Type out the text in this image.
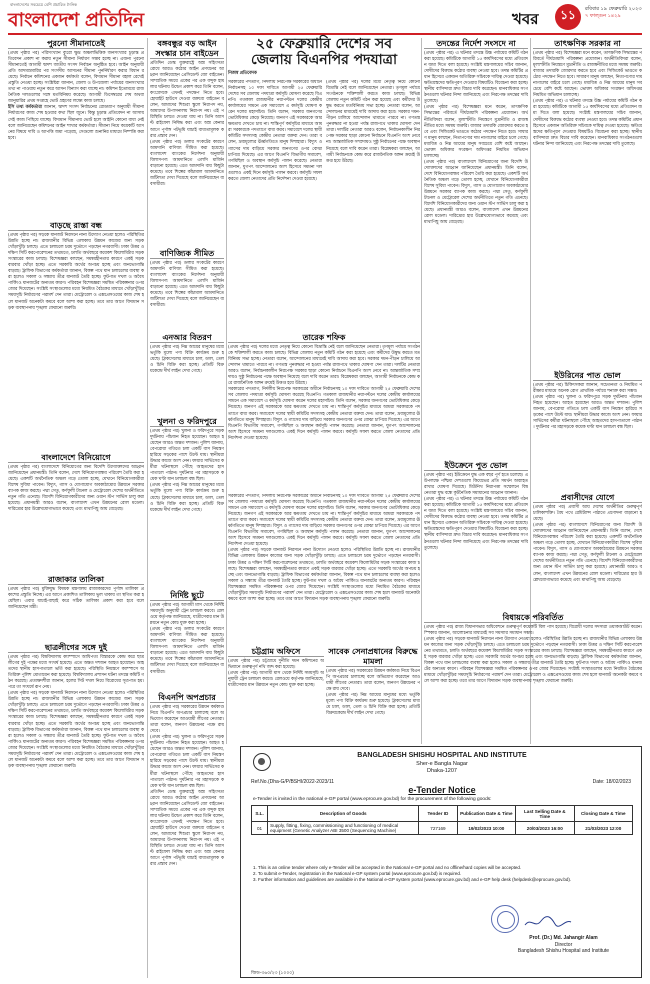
বাংলাদেশের সবচেয়ে বেশি প্রচারিত দৈনিক
বাংলাদেশ প্রতিদিন	খবর	১১	রবিবার ১৯ ফেব্রুয়ারি ২০২৩
৭ ফাল্গুন ১৪২৯
পুরনো সীমানাতেই

(প্রথম পৃষ্ঠার পর) পরিসংখ্যান ব্যুরো ক্ষুদ্র অঞ্চলভিত্তিক জনসংখ্যার চূড়ান্ত প্রতিবেদন প্রকাশ না করায় নতুন সীমানা নির্ধারণ সম্ভব হচ্ছে না। এজন্য পুরনো সীমানাতেই আগামী দ্বাদশ জাতীয় সংসদ নির্বাচন অনুষ্ঠিত হবে। আইন অনুযায়ী প্রতি আদমশুমারির পর সংসদীয় আসনের সীমানা পুনর্নির্ধারণ করার বিধান রয়েছে। নির্বাচন কমিশনের একজন কর্মকর্তা বলেন, বিদ্যমান সীমানা বহাল রেখেই প্রস্তুতি নেওয়া হচ্ছে। সংশ্লিষ্টরা জানান, জেলা ও উপজেলা পর্যায়ের জনসংখ্যার তথ্য না পাওয়ায় নতুন করে আসন বিন্যাস করা যাচ্ছে না। কমিশন ইতোমধ্যে রাজনৈতিক দলগুলোর সঙ্গে মতবিনিময় করেছে। আগামী ডিসেম্বরের শেষ অথবা জানুয়ারির প্রথম সপ্তাহে ভোট গ্রহণের লক্ষ্যে কাজ চলছে।

ইসি তথ্য কর্মকর্তারা জানান, দ্বাদশ সংসদ নির্বাচনের রোডম্যাপ অনুযায়ী সীমানা নির্ধারণের কাজ শেষ হওয়ার কথা ছিল জুনে। কিন্তু চূড়ান্ত প্রতিবেদন না আসায় সেই কাজ পিছিয়ে যাচ্ছে। বিদ্যমান সীমানায় ভোট হলে আইনি কোনো বাধা নেই বলে জানিয়েছেন কমিশনের আইন শাখার কর্মকর্তারা। সীমানা নিয়ে কয়েকটি আসনের বিষয়ে দাবি ও আপত্তি জমা পড়েছে, সেগুলো শুনানির মাধ্যমে নিষ্পত্তি করা হবে।

বাড়ছে রাস্তা বন্ধ

(প্রথম পৃষ্ঠার পর) সড়কে যানজট নিরসনে নানা উদ্যোগ নেওয়া হলেও পরিস্থিতির উন্নতি হচ্ছে না। রাজধানীর বিভিন্ন এলাকায় উন্নয়ন কাজের জন্য সড়ক খোঁড়াখুঁড়ি চলছে। এতে চলাচলে চরম দুর্ভোগে পড়ছেন নগরবাসী। ঢাকা উত্তর ও দক্ষিণ সিটি করপোরেশনের তথ্যমতে, চলতি অর্থবছরে কয়েকশ কিলোমিটার সড়ক সংস্কারের কাজ চলছে। বিশেষজ্ঞরা বলছেন, সমন্বয়হীনতার কারণে একই সড়ক বারবার খোঁড়া হচ্ছে। এতে সরকারি অর্থের অপচয় হচ্ছে এবং জনভোগান্তি বাড়ছে। ট্রাফিক বিভাগের কর্মকর্তারা জানান, বিকল্প পথে যান চলাচলের ব্যবস্থা করা হলেও সকাল ও সন্ধ্যায় তীব্র যানজট তৈরি হচ্ছে। ফুটপাত দখল ও অবৈধ পার্কিংও যানজটের অন্যতম কারণ। পরিবহন বিশেষজ্ঞরা সমন্বিত পরিকল্পনার ওপর জোর দিয়েছেন। সংশ্লিষ্ট সংস্থাগুলোর মধ্যে নিয়মিত বৈঠকের মাধ্যমে খোঁড়াখুঁড়ির সময়সূচি নির্ধারণের পরামর্শ দেন তারা। মেট্রোরেল ও এক্সপ্রেসওয়ের কাজ শেষ হলে যানজট অনেকটা কমবে বলে আশা করা হচ্ছে। তবে তার আগে বিদ্যমান সড়ক ব্যবস্থাপনায় শৃঙ্খলা ফেরানো জরুরি।

বাংলাদেশে বিনিয়োগে

(প্রথম পৃষ্ঠার পর) বাংলাদেশে বিনিয়োগের জন্য বিদেশি উদ্যোক্তাদের আহ্বান জানিয়েছেন প্রধানমন্ত্রী। তিনি বলেন, দেশে বিনিয়োগবান্ধব পরিবেশ তৈরি করা হয়েছে। একশটি অর্থনৈতিক অঞ্চল গড়ে তোলা হচ্ছে, যেখানে বিনিয়োগকারীরা বিশেষ সুবিধা পাবেন। বিদ্যুৎ, গ্যাস ও যোগাযোগ অবকাঠামোর উন্নয়নে সরকার ব্যাপক কাজ করছে। পদ্মা সেতু, কর্ণফুলী টানেল ও মেট্রোরেল দেশের অর্থনীতিতে নতুন গতি এনেছে। বিদেশি বিনিয়োগকারীদের জন্য ওয়ান স্টপ সার্ভিস চালু করা হয়েছে। প্রধানমন্ত্রী আরও বলেন, বাংলাদেশ এখন উন্নয়নের রোল মডেল। দারিদ্র্যের হার উল্লেখযোগ্যভাবে কমেছে এবং মাথাপিছু আয় বেড়েছে।

রাজাকার তালিকা

(প্রথম পৃষ্ঠার পর) মুক্তিযুদ্ধ বিষয়ক মন্ত্রণালয় রাজাকারদের পূর্ণাঙ্গ তালিকা প্রকাশের প্রস্তুতি নিচ্ছে। এর আগে প্রকাশিত তালিকায় ভুল থাকায় তা স্থগিত করা হয়েছিল। এবার যাচাই-বাছাই করে সঠিক তালিকা প্রকাশ করা হবে বলে জানিয়েছেন মন্ত্রী।

ছাত্রলীগের সঙ্গে দুই

(প্রথম পৃষ্ঠার পর) বিশ্ববিদ্যালয় ক্যাম্পাসে আধিপত্য বিস্তারকে কেন্দ্র করে ছাত্রলীগের দুই পক্ষের মধ্যে সংঘর্ষ হয়েছে। এতে অন্তত দশজন আহত হয়েছেন। আহতদের স্থানীয় হাসপাতালে ভর্তি করা হয়েছে। পরিস্থিতি নিয়ন্ত্রণে ক্যাম্পাসে অতিরিক্ত পুলিশ মোতায়েন করা হয়েছে। বিশ্ববিদ্যালয় প্রশাসন ঘটনা তদন্তে কমিটি গঠন করেছে। প্রত্যক্ষদর্শীরা জানান, হলের সিট দখল নিয়ে বিরোধের সূত্রপাত হয়। পরে তা সংঘর্ষে রূপ নেয়।

(প্রথম পৃষ্ঠার পর) সড়কে যানজট নিরসনে নানা উদ্যোগ নেওয়া হলেও পরিস্থিতির উন্নতি হচ্ছে না। রাজধানীর বিভিন্ন এলাকায় উন্নয়ন কাজের জন্য সড়ক খোঁড়াখুঁড়ি চলছে। এতে চলাচলে চরম দুর্ভোগে পড়ছেন নগরবাসী। ঢাকা উত্তর ও দক্ষিণ সিটি করপোরেশনের তথ্যমতে, চলতি অর্থবছরে কয়েকশ কিলোমিটার সড়ক সংস্কারের কাজ চলছে। বিশেষজ্ঞরা বলছেন, সমন্বয়হীনতার কারণে একই সড়ক বারবার খোঁড়া হচ্ছে। এতে সরকারি অর্থের অপচয় হচ্ছে এবং জনভোগান্তি বাড়ছে। ট্রাফিক বিভাগের কর্মকর্তারা জানান, বিকল্প পথে যান চলাচলের ব্যবস্থা করা হলেও সকাল ও সন্ধ্যায় তীব্র যানজট তৈরি হচ্ছে। ফুটপাত দখল ও অবৈধ পার্কিংও যানজটের অন্যতম কারণ। পরিবহন বিশেষজ্ঞরা সমন্বিত পরিকল্পনার ওপর জোর দিয়েছেন। সংশ্লিষ্ট সংস্থাগুলোর মধ্যে নিয়মিত বৈঠকের মাধ্যমে খোঁড়াখুঁড়ির সময়সূচি নির্ধারণের পরামর্শ দেন তারা। মেট্রোরেল ও এক্সপ্রেসওয়ের কাজ শেষ হলে যানজট অনেকটা কমবে বলে আশা করা হচ্ছে। তবে তার আগে বিদ্যমান সড়ক ব্যবস্থাপনায় শৃঙ্খলা ফেরানো জরুরি।

বঙ্গবন্ধুর বড় আইন সংস্কার চান বাইডেন

প্রতিদিন ডেস্ক যুক্তরাষ্ট্রে অস্ত্র সহিংসতা রোধে আরও কঠোর আইন প্রণয়নের আহ্বান জানিয়েছেন প্রেসিডেন্ট জো বাইডেন। সাম্প্রতিক সময়ে একের পর এক বন্দুক হামলার ঘটনায় উদ্বেগ প্রকাশ করে তিনি বলেন, কংগ্রেসকে এখনই পদক্ষেপ নিতে হবে। হোয়াইট হাউসে দেওয়া বক্তব্যে বাইডেন বলেন, আমাদের শিশুরা স্কুলে নিরাপদ নয়, আমাদের উপাসনালয় নিরাপদ নয়। এই পরিস্থিতি চলতে দেওয়া যায় না। তিনি অ্যাসল্ট রাইফেল নিষিদ্ধ করা এবং অস্ত্র কেনার আগে পূর্ণাঙ্গ পটভূমি যাচাই বাধ্যতামূলক করার প্রস্তাব দেন।

(প্রথম পৃষ্ঠার পর) ডলার সংকটের কারণে আমদানি বাণিজ্য সীমিত করা হয়েছে। বাংলাদেশ ব্যাংকের নির্দেশনা অনুযায়ী বিলাসপণ্য আমদানিতে এলসি মার্জিন বাড়ানো হয়েছে। এতে আমদানি ব্যয় কিছুটা কমেছে। তবে শিল্পের কাঁচামাল আমদানিতে জটিলতা দেখা দিয়েছে বলে জানিয়েছেন ব্যবসায়ীরা।

বাণিজ্যিক সীমিত

(প্রথম পৃষ্ঠার পর) ডলার সংকটের কারণে আমদানি বাণিজ্য সীমিত করা হয়েছে। বাংলাদেশ ব্যাংকের নির্দেশনা অনুযায়ী বিলাসপণ্য আমদানিতে এলসি মার্জিন বাড়ানো হয়েছে। এতে আমদানি ব্যয় কিছুটা কমেছে। তবে শিল্পের কাঁচামাল আমদানিতে জটিলতা দেখা দিয়েছে বলে জানিয়েছেন ব্যবসায়ীরা।

এনআর বিতরণ

(প্রথম পৃষ্ঠার পর) নিম্ন আয়ের মানুষের মধ্যে ভর্তুকি মূল্যে পণ্য বিক্রি কার্যক্রম শুরু হয়েছে। ট্রাকসেলের মাধ্যমে চাল, ডাল, তেল ও চিনি বিক্রি করা হচ্ছে। প্রতিটি বিক্রয়কেন্দ্রে দীর্ঘ লাইন দেখা গেছে।

খুলনা ও ফরিদপুরে

(প্রথম পৃষ্ঠার পর) খুলনা ও ফরিদপুরে সড়ক দুর্ঘটনায় পাঁচজন নিহত হয়েছেন। আহত হয়েছেন আরও অন্তত দশজন। পুলিশ জানায়, বেপরোয়া গতিতে চলা একটি বাস নিয়ন্ত্রণ হারিয়ে সড়কের পাশে উল্টে যায়। স্থানীয়রা উদ্ধার কাজে অংশ নেন। ফায়ার সার্ভিসের কর্মীরা ঘটনাস্থলে পৌঁছে আহতদের হাসপাতালে পাঠান। দুর্ঘটনার পর মহাসড়কে কয়েক ঘণ্টা যান চলাচল বন্ধ ছিল।

(প্রথম পৃষ্ঠার পর) নিম্ন আয়ের মানুষের মধ্যে ভর্তুকি মূল্যে পণ্য বিক্রি কার্যক্রম শুরু হয়েছে। ট্রাকসেলের মাধ্যমে চাল, ডাল, তেল ও চিনি বিক্রি করা হচ্ছে। প্রতিটি বিক্রয়কেন্দ্রে দীর্ঘ লাইন দেখা গেছে।

নির্দিষ্ট ছুটে

(প্রথম পৃষ্ঠার পর) আগামী মাস থেকে নির্দিষ্ট সময়সূচি অনুযায়ী ট্রেন চলাচল করবে। রেলওয়ে কর্তৃপক্ষ জানিয়েছে, যাত্রীসেবার মান উন্নয়নে নতুন কোচ যুক্ত করা হচ্ছে।

(প্রথম পৃষ্ঠার পর) ডলার সংকটের কারণে আমদানি বাণিজ্য সীমিত করা হয়েছে। বাংলাদেশ ব্যাংকের নির্দেশনা অনুযায়ী বিলাসপণ্য আমদানিতে এলসি মার্জিন বাড়ানো হয়েছে। এতে আমদানি ব্যয় কিছুটা কমেছে। তবে শিল্পের কাঁচামাল আমদানিতে জটিলতা দেখা দিয়েছে বলে জানিয়েছেন ব্যবসায়ীরা।

বিএনপি অপপ্রচার

(প্রথম পৃষ্ঠার পর) সরকারের উন্নয়ন কর্মকাণ্ড নিয়ে বিএনপি অপপ্রচার চালাচ্ছে বলে অভিযোগ করেছেন আওয়ামী লীগের নেতারা। তারা বলেন, জনগণ উন্নয়নের পক্ষে রায় দেবে।

(প্রথম পৃষ্ঠার পর) খুলনা ও ফরিদপুরে সড়ক দুর্ঘটনায় পাঁচজন নিহত হয়েছেন। আহত হয়েছেন আরও অন্তত দশজন। পুলিশ জানায়, বেপরোয়া গতিতে চলা একটি বাস নিয়ন্ত্রণ হারিয়ে সড়কের পাশে উল্টে যায়। স্থানীয়রা উদ্ধার কাজে অংশ নেন। ফায়ার সার্ভিসের কর্মীরা ঘটনাস্থলে পৌঁছে আহতদের হাসপাতালে পাঠান। দুর্ঘটনার পর মহাসড়কে কয়েক ঘণ্টা যান চলাচল বন্ধ ছিল।

প্রতিদিন ডেস্ক যুক্তরাষ্ট্রে অস্ত্র সহিংসতা রোধে আরও কঠোর আইন প্রণয়নের আহ্বান জানিয়েছেন প্রেসিডেন্ট জো বাইডেন। সাম্প্রতিক সময়ে একের পর এক বন্দুক হামলার ঘটনায় উদ্বেগ প্রকাশ করে তিনি বলেন, কংগ্রেসকে এখনই পদক্ষেপ নিতে হবে। হোয়াইট হাউসে দেওয়া বক্তব্যে বাইডেন বলেন, আমাদের শিশুরা স্কুলে নিরাপদ নয়, আমাদের উপাসনালয় নিরাপদ নয়। এই পরিস্থিতি চলতে দেওয়া যায় না। তিনি অ্যাসল্ট রাইফেল নিষিদ্ধ করা এবং অস্ত্র কেনার আগে পূর্ণাঙ্গ পটভূমি যাচাই বাধ্যতামূলক করার প্রস্তাব দেন।

২৫ ফেব্রুয়ারি দেশের সব
জেলায় বিএনপির পদযাত্রা
নিজস্ব প্রতিবেদক

সরকারের পদত্যাগ, নির্দলীয় নিরপেক্ষ সরকারের অধীনে নির্বাচনসহ ১০ দফা দাবিতে আগামী ২৫ ফেব্রুয়ারি দেশের সব জেলায় পদযাত্রা কর্মসূচি ঘোষণা করেছে বিএনপি। গতকাল রাজধানীর নয়াপল্টনে দলের কেন্দ্রীয় কার্যালয়ের সামনে এক সমাবেশে এ কর্মসূচি ঘোষণা করেন দলের মহাসচিব। তিনি বলেন, সরকার জনগণের ভোটাধিকার কেড়ে নিয়েছে। জনগণ এই সরকারকে আর ক্ষমতায় দেখতে চায় না। শান্তিপূর্ণ কর্মসূচির মাধ্যমে আমরা সরকারকে পদত্যাগে বাধ্য করব। সমাবেশে দলের স্থায়ী কমিটির সদস্যসহ কেন্দ্রীয় নেতারা বক্তব্য দেন। তারা বলেন, দ্রব্যমূল্যের ঊর্ধ্বগতিতে মানুষ দিশাহারা। বিদ্যুৎ ও গ্যাসের দাম বাড়িয়ে সরকার জনগণের ওপর বোঝা চাপিয়ে দিয়েছে। এর আগে বিএনপি বিভাগীয় সমাবেশ, গণমিছিল ও অবস্থান কর্মসূচি পালন করেছে। নেতারা জানান, যুগপৎ আন্দোলনের অংশ হিসেবে সমমনা দলগুলোও একই দিনে কর্মসূচি পালন করবে। কর্মসূচি সফল করতে জেলা নেতাদের প্রতি নির্দেশনা দেওয়া হয়েছে।

(প্রথম পৃষ্ঠার পর) দলের মধ্যে নেতৃত্ব নিয়ে কোনো বিভ্রান্তি নেই বলে জানিয়েছেন নেতারা। তৃণমূল পর্যায়ে সংগঠনকে শক্তিশালী করতে কাজ চলছে। বিভিন্ন জেলায় নতুন কমিটি গঠন করা হয়েছে এবং কর্মীদের উদ্বুদ্ধ করতে মতবিনিময় সভা হচ্ছে। নেতারা বলেন, আন্দোলনের মাধ্যমেই দাবি আদায় করা হবে। সরকার দমন-পীড়ন চালিয়ে আন্দোলন থামাতে পারবে না। গণতন্ত্র পুনরুদ্ধার না হওয়া পর্যন্ত রাজপথে থাকার ঘোষণা দেন তারা। দলটির নেতারা আরও বলেন, নির্বাচনকালীন নিরপেক্ষ সরকার ছাড়া কোনো নির্বাচনে বিএনপি অংশ নেবে না। আন্তর্জাতিক সম্প্রদায়ও সুষ্ঠু নির্বাচনের পক্ষে অবস্থান নিয়েছে বলে দাবি করেন তারা। বিশ্লেষকরা বলছেন, আগামী নির্বাচনকে কেন্দ্র করে রাজনৈতিক অঙ্গন ক্রমেই উত্তপ্ত হয়ে উঠছে।

তারেক শফিক

(প্রথম পৃষ্ঠার পর) দলের মধ্যে নেতৃত্ব নিয়ে কোনো বিভ্রান্তি নেই বলে জানিয়েছেন নেতারা। তৃণমূল পর্যায়ে সংগঠনকে শক্তিশালী করতে কাজ চলছে। বিভিন্ন জেলায় নতুন কমিটি গঠন করা হয়েছে এবং কর্মীদের উদ্বুদ্ধ করতে মতবিনিময় সভা হচ্ছে। নেতারা বলেন, আন্দোলনের মাধ্যমেই দাবি আদায় করা হবে। সরকার দমন-পীড়ন চালিয়ে আন্দোলন থামাতে পারবে না। গণতন্ত্র পুনরুদ্ধার না হওয়া পর্যন্ত রাজপথে থাকার ঘোষণা দেন তারা। দলটির নেতারা আরও বলেন, নির্বাচনকালীন নিরপেক্ষ সরকার ছাড়া কোনো নির্বাচনে বিএনপি অংশ নেবে না। আন্তর্জাতিক সম্প্রদায়ও সুষ্ঠু নির্বাচনের পক্ষে অবস্থান নিয়েছে বলে দাবি করেন তারা। বিশ্লেষকরা বলছেন, আগামী নির্বাচনকে কেন্দ্র করে রাজনৈতিক অঙ্গন ক্রমেই উত্তপ্ত হয়ে উঠছে।

সরকারের পদত্যাগ, নির্দলীয় নিরপেক্ষ সরকারের অধীনে নির্বাচনসহ ১০ দফা দাবিতে আগামী ২৫ ফেব্রুয়ারি দেশের সব জেলায় পদযাত্রা কর্মসূচি ঘোষণা করেছে বিএনপি। গতকাল রাজধানীর নয়াপল্টনে দলের কেন্দ্রীয় কার্যালয়ের সামনে এক সমাবেশে এ কর্মসূচি ঘোষণা করেন দলের মহাসচিব। তিনি বলেন, সরকার জনগণের ভোটাধিকার কেড়ে নিয়েছে। জনগণ এই সরকারকে আর ক্ষমতায় দেখতে চায় না। শান্তিপূর্ণ কর্মসূচির মাধ্যমে আমরা সরকারকে পদত্যাগে বাধ্য করব। সমাবেশে দলের স্থায়ী কমিটির সদস্যসহ কেন্দ্রীয় নেতারা বক্তব্য দেন। তারা বলেন, দ্রব্যমূল্যের ঊর্ধ্বগতিতে মানুষ দিশাহারা। বিদ্যুৎ ও গ্যাসের দাম বাড়িয়ে সরকার জনগণের ওপর বোঝা চাপিয়ে দিয়েছে। এর আগে বিএনপি বিভাগীয় সমাবেশ, গণমিছিল ও অবস্থান কর্মসূচি পালন করেছে। নেতারা জানান, যুগপৎ আন্দোলনের অংশ হিসেবে সমমনা দলগুলোও একই দিনে কর্মসূচি পালন করবে। কর্মসূচি সফল করতে জেলা নেতাদের প্রতি নির্দেশনা দেওয়া হয়েছে।

সরকারের পদত্যাগ, নির্দলীয় নিরপেক্ষ সরকারের অধীনে নির্বাচনসহ ১০ দফা দাবিতে আগামী ২৫ ফেব্রুয়ারি দেশের সব জেলায় পদযাত্রা কর্মসূচি ঘোষণা করেছে বিএনপি। গতকাল রাজধানীর নয়াপল্টনে দলের কেন্দ্রীয় কার্যালয়ের সামনে এক সমাবেশে এ কর্মসূচি ঘোষণা করেন দলের মহাসচিব। তিনি বলেন, সরকার জনগণের ভোটাধিকার কেড়ে নিয়েছে। জনগণ এই সরকারকে আর ক্ষমতায় দেখতে চায় না। শান্তিপূর্ণ কর্মসূচির মাধ্যমে আমরা সরকারকে পদত্যাগে বাধ্য করব। সমাবেশে দলের স্থায়ী কমিটির সদস্যসহ কেন্দ্রীয় নেতারা বক্তব্য দেন। তারা বলেন, দ্রব্যমূল্যের ঊর্ধ্বগতিতে মানুষ দিশাহারা। বিদ্যুৎ ও গ্যাসের দাম বাড়িয়ে সরকার জনগণের ওপর বোঝা চাপিয়ে দিয়েছে। এর আগে বিএনপি বিভাগীয় সমাবেশ, গণমিছিল ও অবস্থান কর্মসূচি পালন করেছে। নেতারা জানান, যুগপৎ আন্দোলনের অংশ হিসেবে সমমনা দলগুলোও একই দিনে কর্মসূচি পালন করবে। কর্মসূচি সফল করতে জেলা নেতাদের প্রতি নির্দেশনা দেওয়া হয়েছে।

(প্রথম পৃষ্ঠার পর) সড়কে যানজট নিরসনে নানা উদ্যোগ নেওয়া হলেও পরিস্থিতির উন্নতি হচ্ছে না। রাজধানীর বিভিন্ন এলাকায় উন্নয়ন কাজের জন্য সড়ক খোঁড়াখুঁড়ি চলছে। এতে চলাচলে চরম দুর্ভোগে পড়ছেন নগরবাসী। ঢাকা উত্তর ও দক্ষিণ সিটি করপোরেশনের তথ্যমতে, চলতি অর্থবছরে কয়েকশ কিলোমিটার সড়ক সংস্কারের কাজ চলছে। বিশেষজ্ঞরা বলছেন, সমন্বয়হীনতার কারণে একই সড়ক বারবার খোঁড়া হচ্ছে। এতে সরকারি অর্থের অপচয় হচ্ছে এবং জনভোগান্তি বাড়ছে। ট্রাফিক বিভাগের কর্মকর্তারা জানান, বিকল্প পথে যান চলাচলের ব্যবস্থা করা হলেও সকাল ও সন্ধ্যায় তীব্র যানজট তৈরি হচ্ছে। ফুটপাত দখল ও অবৈধ পার্কিংও যানজটের অন্যতম কারণ। পরিবহন বিশেষজ্ঞরা সমন্বিত পরিকল্পনার ওপর জোর দিয়েছেন। সংশ্লিষ্ট সংস্থাগুলোর মধ্যে নিয়মিত বৈঠকের মাধ্যমে খোঁড়াখুঁড়ির সময়সূচি নির্ধারণের পরামর্শ দেন তারা। মেট্রোরেল ও এক্সপ্রেসওয়ের কাজ শেষ হলে যানজট অনেকটা কমবে বলে আশা করা হচ্ছে। তবে তার আগে বিদ্যমান সড়ক ব্যবস্থাপনায় শৃঙ্খলা ফেরানো জরুরি।

চট্টগ্রাম অফিসে

(প্রথম পৃষ্ঠার পর) চট্টগ্রামে দুর্নীতি দমন কমিশনের অভিযানে গুরুত্বপূর্ণ নথি জব্দ করা হয়েছে।

(প্রথম পৃষ্ঠার পর) আগামী মাস থেকে নির্দিষ্ট সময়সূচি অনুযায়ী ট্রেন চলাচল করবে। রেলওয়ে কর্তৃপক্ষ জানিয়েছে, যাত্রীসেবার মান উন্নয়নে নতুন কোচ যুক্ত করা হচ্ছে।

সাবেক সেনাপ্রধানের বিরুদ্ধে মামলা

(প্রথম পৃষ্ঠার পর) সরকারের উন্নয়ন কর্মকাণ্ড নিয়ে বিএনপি অপপ্রচার চালাচ্ছে বলে অভিযোগ করেছেন আওয়ামী লীগের নেতারা। তারা বলেন, জনগণ উন্নয়নের পক্ষে রায় দেবে।

(প্রথম পৃষ্ঠার পর) নিম্ন আয়ের মানুষের মধ্যে ভর্তুকি মূল্যে পণ্য বিক্রি কার্যক্রম শুরু হয়েছে। ট্রাকসেলের মাধ্যমে চাল, ডাল, তেল ও চিনি বিক্রি করা হচ্ছে। প্রতিটি বিক্রয়কেন্দ্রে দীর্ঘ লাইন দেখা গেছে।

তদন্তের নির্দেশ সংসদে না

(প্রথম পৃষ্ঠার পর) এ ঘটনার তদন্তে উচ্চ পর্যায়ের কমিটি গঠন করা হয়েছে। কমিটিকে আগামী ১৫ কার্যদিবসের মধ্যে প্রতিবেদন জমা দিতে বলা হয়েছে। সংশ্লিষ্ট মন্ত্রণালয়ের সচিব জানান, দোষীদের বিরুদ্ধে কঠোর ব্যবস্থা নেওয়া হবে। তদন্ত কমিটির প্রধান হিসেবে একজন অতিরিক্ত সচিবকে দায়িত্ব দেওয়া হয়েছে। ক্ষতিগ্রস্তদের ক্ষতিপূরণ দেওয়ার বিষয়টিও বিবেচনা করা হচ্ছে। স্থানীয় বাসিন্দারা দ্রুত বিচার দাবি করেছেন। মানবাধিকার সংগঠনগুলো ঘটনার নিন্দা জানিয়েছে এবং নিরপেক্ষ তদন্তের দাবি তুলেছে।

(প্রথম পৃষ্ঠার পর) বিশেষজ্ঞরা মনে করেন, তাৎক্ষণিক সিদ্ধান্তের পরিবর্তে দীর্ঘমেয়াদি পরিকল্পনা প্রয়োজন। অর্থনীতিবিদরা বলেন, মূল্যস্ফীতি নিয়ন্ত্রণে মুদ্রানীতি ও রাজস্বনীতির মধ্যে সমন্বয় জরুরি। বাজার তদারকি জোরদার করতে হবে এবং সিন্ডিকেট ভাঙতে কঠোর পদক্ষেপ নিতে হবে। সাধারণ মানুষ বলছেন, নিত্যপণ্যের দাম নাগালের বাইরে চলে গেছে। মধ্যবিত্ত ও নিম্ন আয়ের মানুষ সবচেয়ে বেশি কষ্টে আছেন। ভোক্তা অধিকার সংরক্ষণ অধিদপ্তর নিয়মিত অভিযান চালাচ্ছে।

(প্রথম পৃষ্ঠার পর) বাংলাদেশে বিনিয়োগের জন্য বিদেশি উদ্যোক্তাদের আহ্বান জানিয়েছেন প্রধানমন্ত্রী। তিনি বলেন, দেশে বিনিয়োগবান্ধব পরিবেশ তৈরি করা হয়েছে। একশটি অর্থনৈতিক অঞ্চল গড়ে তোলা হচ্ছে, যেখানে বিনিয়োগকারীরা বিশেষ সুবিধা পাবেন। বিদ্যুৎ, গ্যাস ও যোগাযোগ অবকাঠামোর উন্নয়নে সরকার ব্যাপক কাজ করছে। পদ্মা সেতু, কর্ণফুলী টানেল ও মেট্রোরেল দেশের অর্থনীতিতে নতুন গতি এনেছে। বিদেশি বিনিয়োগকারীদের জন্য ওয়ান স্টপ সার্ভিস চালু করা হয়েছে। প্রধানমন্ত্রী আরও বলেন, বাংলাদেশ এখন উন্নয়নের রোল মডেল। দারিদ্র্যের হার উল্লেখযোগ্যভাবে কমেছে এবং মাথাপিছু আয় বেড়েছে।

ইউক্রেনে পুত ভোল

(প্রথম পৃষ্ঠার পর) ইউক্রেনে যুদ্ধ এক বছর পূর্ণ হতে চলেছে। এ উপলক্ষে পশ্চিমা দেশগুলো কিয়েভের প্রতি সমর্থন অব্যাহত রাখার ঘোষণা দিয়েছে। মিউনিখ নিরাপত্তা সম্মেলনে বিশ্বনেতারা যুদ্ধ বন্ধে কূটনৈতিক সমাধানের আহ্বান জানান।

(প্রথম পৃষ্ঠার পর) এ ঘটনার তদন্তে উচ্চ পর্যায়ের কমিটি গঠন করা হয়েছে। কমিটিকে আগামী ১৫ কার্যদিবসের মধ্যে প্রতিবেদন জমা দিতে বলা হয়েছে। সংশ্লিষ্ট মন্ত্রণালয়ের সচিব জানান, দোষীদের বিরুদ্ধে কঠোর ব্যবস্থা নেওয়া হবে। তদন্ত কমিটির প্রধান হিসেবে একজন অতিরিক্ত সচিবকে দায়িত্ব দেওয়া হয়েছে। ক্ষতিগ্রস্তদের ক্ষতিপূরণ দেওয়ার বিষয়টিও বিবেচনা করা হচ্ছে। স্থানীয় বাসিন্দারা দ্রুত বিচার দাবি করেছেন। মানবাধিকার সংগঠনগুলো ঘটনার নিন্দা জানিয়েছে এবং নিরপেক্ষ তদন্তের দাবি তুলেছে।

বিধায়কে পরিবর্তিত

(প্রথম পৃষ্ঠার পর) রাজ্য বিধানসভার অধিবেশনে গুরুত্বপূর্ণ কয়েকটি বিল পাস হয়েছে। বিরোধী দলের সদস্যরা ওয়াকআউট করেন। স্পিকার জানান, আলোচনার মাধ্যমেই সব সমস্যার সমাধান সম্ভব।

(প্রথম পৃষ্ঠার পর) সড়কে যানজট নিরসনে নানা উদ্যোগ নেওয়া হলেও পরিস্থিতির উন্নতি হচ্ছে না। রাজধানীর বিভিন্ন এলাকায় উন্নয়ন কাজের জন্য সড়ক খোঁড়াখুঁড়ি চলছে। এতে চলাচলে চরম দুর্ভোগে পড়ছেন নগরবাসী। ঢাকা উত্তর ও দক্ষিণ সিটি করপোরেশনের তথ্যমতে, চলতি অর্থবছরে কয়েকশ কিলোমিটার সড়ক সংস্কারের কাজ চলছে। বিশেষজ্ঞরা বলছেন, সমন্বয়হীনতার কারণে একই সড়ক বারবার খোঁড়া হচ্ছে। এতে সরকারি অর্থের অপচয় হচ্ছে এবং জনভোগান্তি বাড়ছে। ট্রাফিক বিভাগের কর্মকর্তারা জানান, বিকল্প পথে যান চলাচলের ব্যবস্থা করা হলেও সকাল ও সন্ধ্যায় তীব্র যানজট তৈরি হচ্ছে। ফুটপাত দখল ও অবৈধ পার্কিংও যানজটের অন্যতম কারণ। পরিবহন বিশেষজ্ঞরা সমন্বিত পরিকল্পনার ওপর জোর দিয়েছেন। সংশ্লিষ্ট সংস্থাগুলোর মধ্যে নিয়মিত বৈঠকের মাধ্যমে খোঁড়াখুঁড়ির সময়সূচি নির্ধারণের পরামর্শ দেন তারা। মেট্রোরেল ও এক্সপ্রেসওয়ের কাজ শেষ হলে যানজট অনেকটা কমবে বলে আশা করা হচ্ছে। তবে তার আগে বিদ্যমান সড়ক ব্যবস্থাপনায় শৃঙ্খলা ফেরানো জরুরি।

তাৎক্ষণিক সরকার না

(প্রথম পৃষ্ঠার পর) বিশেষজ্ঞরা মনে করেন, তাৎক্ষণিক সিদ্ধান্তের পরিবর্তে দীর্ঘমেয়াদি পরিকল্পনা প্রয়োজন। অর্থনীতিবিদরা বলেন, মূল্যস্ফীতি নিয়ন্ত্রণে মুদ্রানীতি ও রাজস্বনীতির মধ্যে সমন্বয় জরুরি। বাজার তদারকি জোরদার করতে হবে এবং সিন্ডিকেট ভাঙতে কঠোর পদক্ষেপ নিতে হবে। সাধারণ মানুষ বলছেন, নিত্যপণ্যের দাম নাগালের বাইরে চলে গেছে। মধ্যবিত্ত ও নিম্ন আয়ের মানুষ সবচেয়ে বেশি কষ্টে আছেন। ভোক্তা অধিকার সংরক্ষণ অধিদপ্তর নিয়মিত অভিযান চালাচ্ছে।

(প্রথম পৃষ্ঠার পর) এ ঘটনার তদন্তে উচ্চ পর্যায়ের কমিটি গঠন করা হয়েছে। কমিটিকে আগামী ১৫ কার্যদিবসের মধ্যে প্রতিবেদন জমা দিতে বলা হয়েছে। সংশ্লিষ্ট মন্ত্রণালয়ের সচিব জানান, দোষীদের বিরুদ্ধে কঠোর ব্যবস্থা নেওয়া হবে। তদন্ত কমিটির প্রধান হিসেবে একজন অতিরিক্ত সচিবকে দায়িত্ব দেওয়া হয়েছে। ক্ষতিগ্রস্তদের ক্ষতিপূরণ দেওয়ার বিষয়টিও বিবেচনা করা হচ্ছে। স্থানীয় বাসিন্দারা দ্রুত বিচার দাবি করেছেন। মানবাধিকার সংগঠনগুলো ঘটনার নিন্দা জানিয়েছে এবং নিরপেক্ষ তদন্তের দাবি তুলেছে।

ইউরিনের পাত ভোল

(প্রথম পৃষ্ঠার পর) চিকিৎসকরা জানান, সচেতনতা ও নিয়মিত পরীক্ষার মাধ্যমে অনেক রোগ প্রাথমিক পর্যায়ে শনাক্ত করা সম্ভব।

(প্রথম পৃষ্ঠার পর) খুলনা ও ফরিদপুরে সড়ক দুর্ঘটনায় পাঁচজন নিহত হয়েছেন। আহত হয়েছেন আরও অন্তত দশজন। পুলিশ জানায়, বেপরোয়া গতিতে চলা একটি বাস নিয়ন্ত্রণ হারিয়ে সড়কের পাশে উল্টে যায়। স্থানীয়রা উদ্ধার কাজে অংশ নেন। ফায়ার সার্ভিসের কর্মীরা ঘটনাস্থলে পৌঁছে আহতদের হাসপাতালে পাঠান। দুর্ঘটনার পর মহাসড়কে কয়েক ঘণ্টা যান চলাচল বন্ধ ছিল।

প্রবাসীদের যোগে

(প্রথম পৃষ্ঠার পর) প্রবাসী আয় দেশের অর্থনীতির গুরুত্বপূর্ণ চালিকাশক্তি। বৈধ পথে রেমিট্যান্স পাঠাতে প্রণোদনা বাড়ানো হয়েছে।

(প্রথম পৃষ্ঠার পর) বাংলাদেশে বিনিয়োগের জন্য বিদেশি উদ্যোক্তাদের আহ্বান জানিয়েছেন প্রধানমন্ত্রী। তিনি বলেন, দেশে বিনিয়োগবান্ধব পরিবেশ তৈরি করা হয়েছে। একশটি অর্থনৈতিক অঞ্চল গড়ে তোলা হচ্ছে, যেখানে বিনিয়োগকারীরা বিশেষ সুবিধা পাবেন। বিদ্যুৎ, গ্যাস ও যোগাযোগ অবকাঠামোর উন্নয়নে সরকার ব্যাপক কাজ করছে। পদ্মা সেতু, কর্ণফুলী টানেল ও মেট্রোরেল দেশের অর্থনীতিতে নতুন গতি এনেছে। বিদেশি বিনিয়োগকারীদের জন্য ওয়ান স্টপ সার্ভিস চালু করা হয়েছে। প্রধানমন্ত্রী আরও বলেন, বাংলাদেশ এখন উন্নয়নের রোল মডেল। দারিদ্র্যের হার উল্লেখযোগ্যভাবে কমেছে এবং মাথাপিছু আয় বেড়েছে।

BANGLADESH SHISHU HOSPITAL AND INSTITUTE
Sher-e Bangla Nagar
Dhaka-1207
Ref.No.(Dha-G/P/BSHI/2022-2023/11	Date: 18/02/2023
e-Tender Notice
e-Tender is invited in the national e-GP portal (www.eprocure.gov.bd) for the procurement of the following goods:
S.L.	Description of Goods	Tender ID	Publication Date & Time	Last Selling Date & Time	Closing Date & Time
01	Supply, fitting, fixing, commissioning and functioning of medical equipment (Genetic Analyzer ABI 3500 (Sequencing Machine)	727169	19/02/2023 10:00	20/03/2023 16:00	21/03/2023 12:00
1. This is an online tender where only e-Tender will be accepted in the National e-GP portal and no offline/hard copies will be accepted.
2. To submit e-Tender, registration in the National e-GP system portal (www.eprocure.gov.bd) is required.
3. Further information and guidelines are available in the National e-GP system portal (www.eprocure.gov.bd) and e-GP help desk (helpdesk@eprocure.gov.bd).
Prof. (Dr.) Md. Jahangir Alam
Director
Bangladesh Shishu Hospital and Institute
জিড-৩৬০/২৩ (১০০০)
